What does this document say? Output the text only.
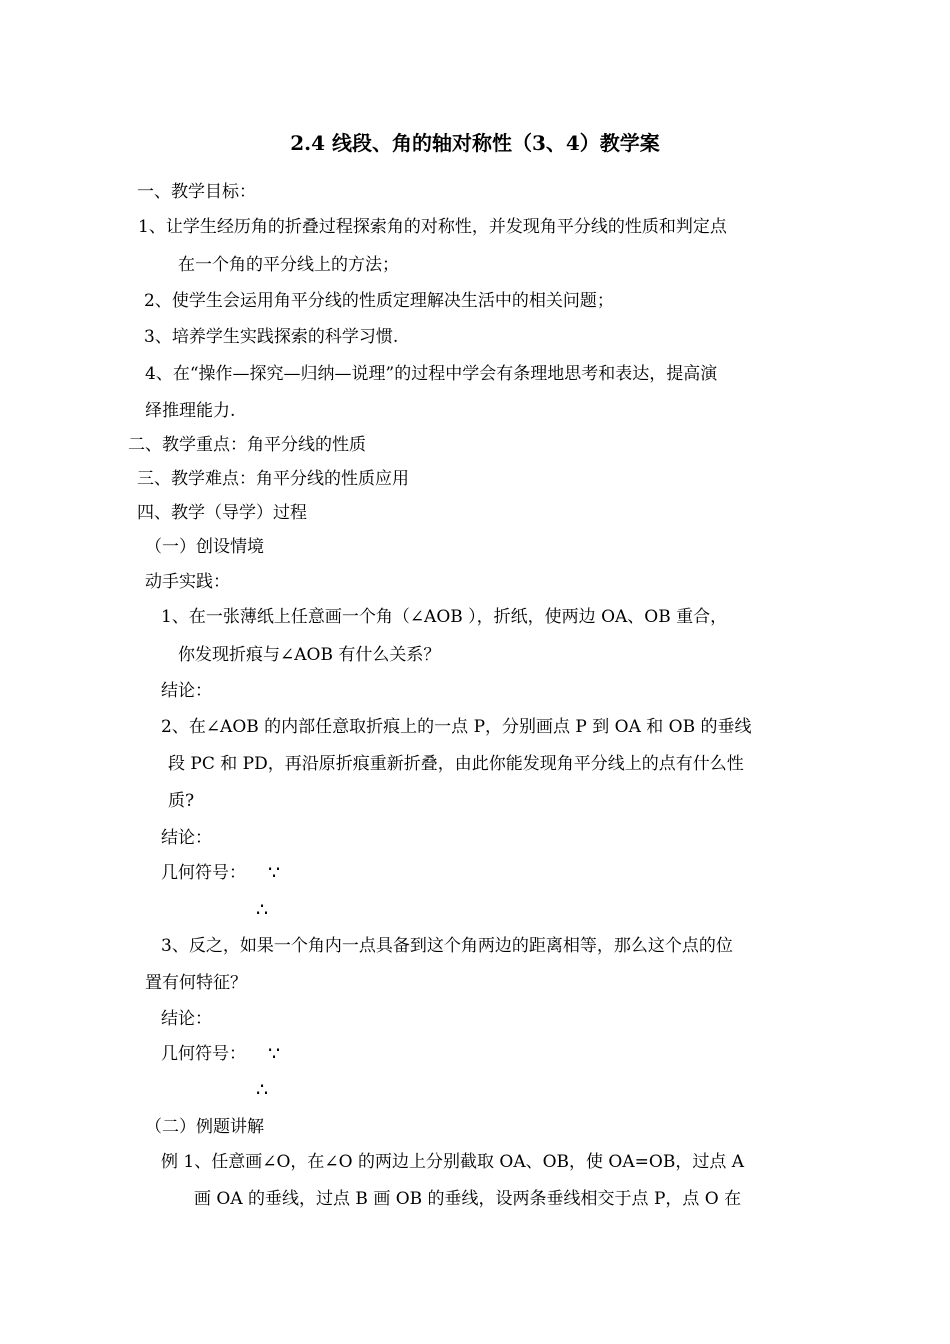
2.4 线段、角的轴对称性（3、4）教学案
一、教学目标：
1、让学生经历角的折叠过程探索角的对称性，并发现角平分线的性质和判定点
在一个角的平分线上的方法；
2、使学生会运用角平分线的性质定理解决生活中的相关问题；
3、培养学生实践探索的科学习惯.
4、在“操作—探究—归纳—说理”的过程中学会有条理地思考和表达，提高演
绎推理能力.
二、教学重点：角平分线的性质
三、教学难点：角平分线的性质应用
四、教学（导学）过程
（一）创设情境
动手实践：
1、在一张薄纸上任意画一个角（∠AOB ），折纸，使两边 OA、OB 重合，
你发现折痕与∠AOB 有什么关系？
结论：
2、在∠AOB 的内部任意取折痕上的一点 P，分别画点 P 到 OA 和 OB 的垂线
段 PC 和 PD，再沿原折痕重新折叠，由此你能发现角平分线上的点有什么性
质?
结论：
几何符号： ∵
∴
3、反之，如果一个角内一点具备到这个角两边的距离相等，那么这个点的位
置有何特征？
结论：
几何符号： ∵
∴
（二）例题讲解
例 1、任意画∠O，在∠O 的两边上分别截取 OA、OB，使 OA=OB，过点 A
画 OA 的垂线，过点 B 画 OB 的垂线，设两条垂线相交于点 P，点 O 在
